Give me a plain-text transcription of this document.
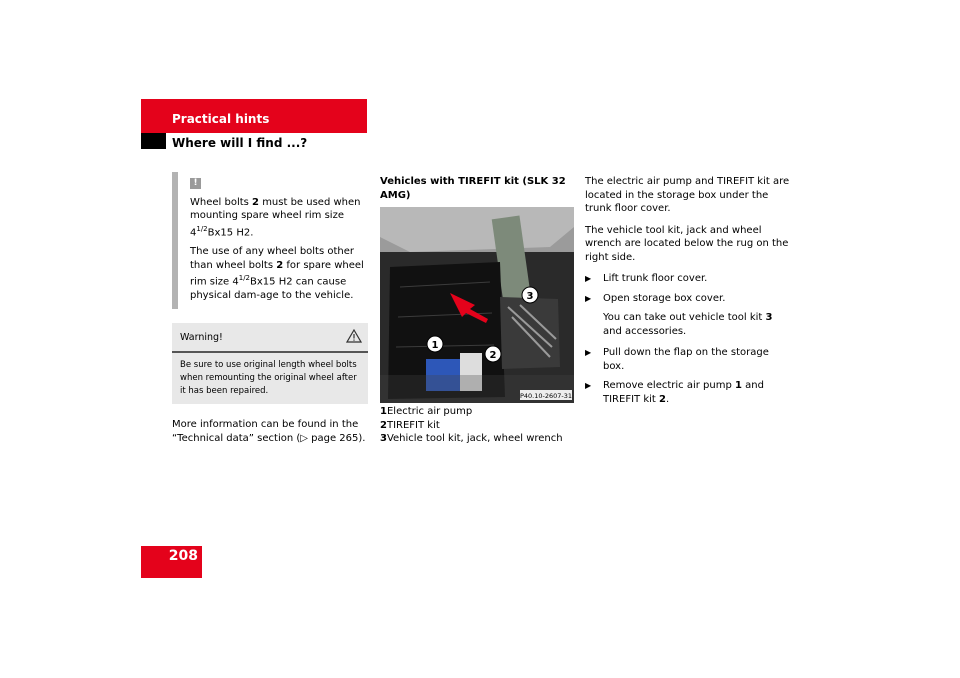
Practical hints
Where will I find ...?
!

Wheel bolts 2 must be used when mounting spare wheel rim size $4^{1/2}Bx15$ H2.

The use of any wheel bolts other than wheel bolts 2 for spare wheel rim size $4^{1/2}Bx15$ H2 can cause physical dam-age to the vehicle.

Warning!
Be sure to use original length wheel bolts when remounting the original wheel after it has been repaired.
More information can be found in the “Technical data” section (▷ page 265).
Vehicles with TIREFIT kit (SLK 32 AMG)
1
2
3
P40.10-2607-31
1Electric air pump
2TIREFIT kit
3Vehicle tool kit, jack, wheel wrench

The electric air pump and TIREFIT kit are located in the storage box under the trunk floor cover.

The vehicle tool kit, jack and wheel wrench are located below the rug on the right side.

▶	Lift trunk floor cover.
▶	Open storage box cover.
You can take out vehicle tool kit 3 and accessories.
▶	Pull down the flap on the storage box.
▶	Remove electric air pump 1 and TIREFIT kit 2.
208
